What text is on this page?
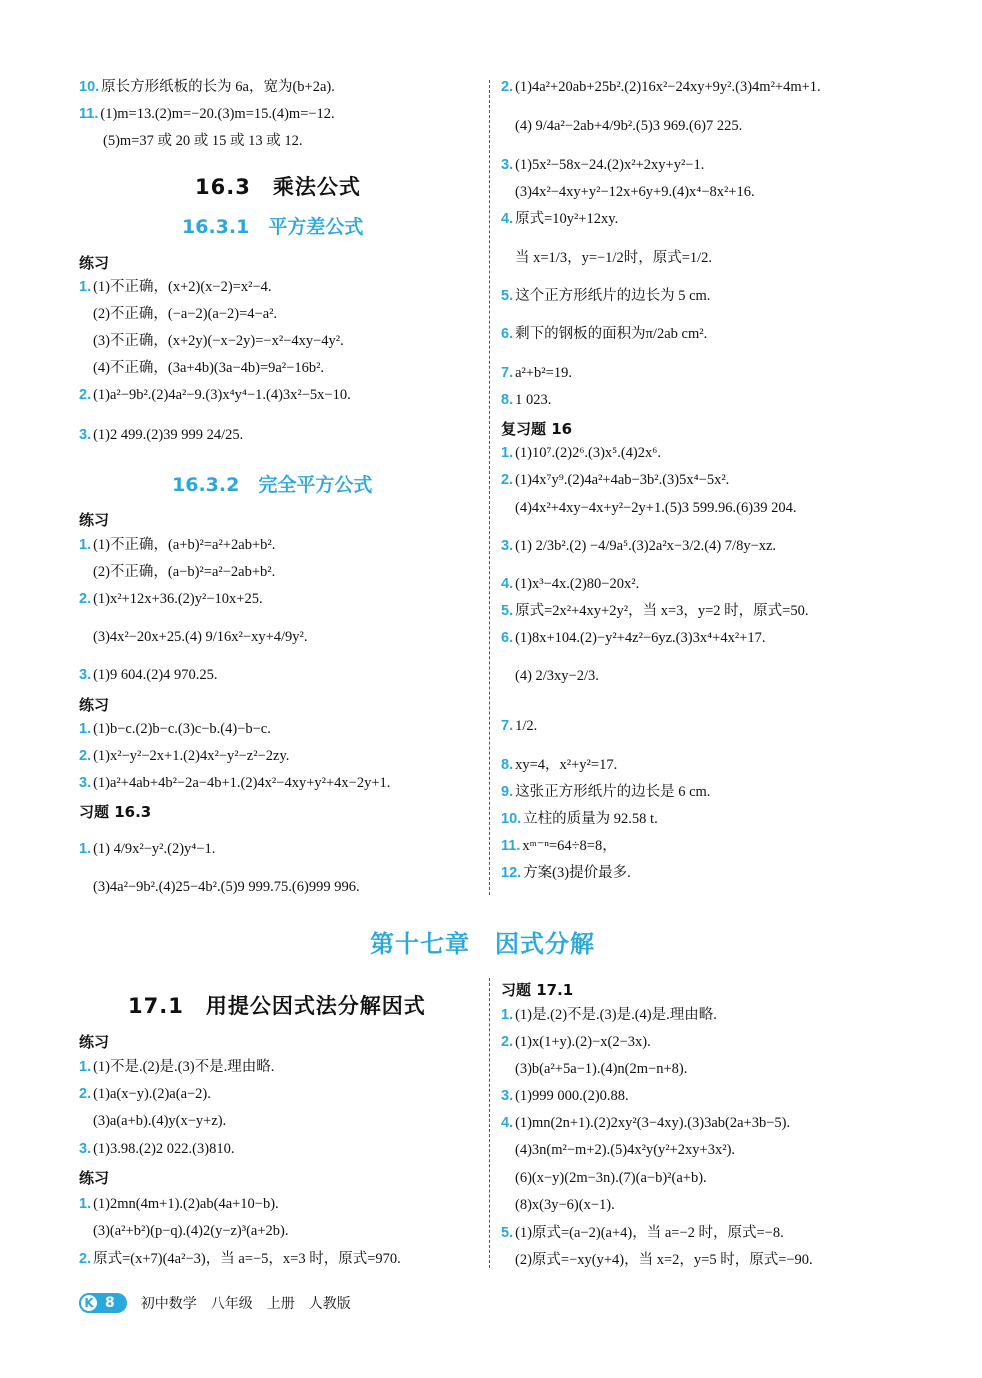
10. 原长方形纸板的长为 6a，宽为(b+2a).
11. (1)m=13.(2)m=−20.(3)m=15.(4)m=−12.
(5)m=37 或 20 或 15 或 13 或 12.
16.3　乘法公式
16.3.1　平方差公式
练习
1. (1)不正确，(x+2)(x−2)=x²−4.
(2)不正确，(−a−2)(a−2)=4−a².
(3)不正确，(x+2y)(−x−2y)=−x²−4xy−4y².
(4)不正确，(3a+4b)(3a−4b)=9a²−16b².
2. (1)a²−9b².(2)4a²−9.(3)x⁴y⁴−1.(4)3x²−5x−10.
3. (1)2 499.(2)39 999 24/25.
16.3.2　完全平方公式
练习
1. (1)不正确，(a+b)²=a²+2ab+b².
(2)不正确，(a−b)²=a²−2ab+b².
2. (1)x²+12x+36.(2)y²−10x+25.
(3)4x²−20x+25.(4) 9/16x²−xy+4/9y².
3. (1)9 604.(2)4 970.25.
练习
1. (1)b−c.(2)b−c.(3)c−b.(4)−b−c.
2. (1)x²−y²−2x+1.(2)4x²−y²−z²−2zy.
3. (1)a²+4ab+4b²−2a−4b+1.(2)4x²−4xy+y²+4x−2y+1.
习题 16.3
1. (1) 4/9x²−y².(2)y⁴−1.
(3)4a²−9b².(4)25−4b².(5)9 999.75.(6)999 996.
2. (1)4a²+20ab+25b².(2)16x²−24xy+9y².(3)4m²+4m+1.
(4) 9/4a²−2ab+4/9b².(5)3 969.(6)7 225.
3. (1)5x²−58x−24.(2)x²+2xy+y²−1.
(3)4x²−4xy+y²−12x+6y+9.(4)x⁴−8x²+16.
4. 原式=10y²+12xy.
当 x=1/3，y=−1/2时，原式=1/2.
5. 这个正方形纸片的边长为 5 cm.
6. 剩下的钢板的面积为π/2ab cm².
7. a²+b²=19.
8. 1 023.
复习题 16
1. (1)10⁷.(2)2⁶.(3)x⁵.(4)2x⁶.
2. (1)4x⁷y⁹.(2)4a²+4ab−3b².(3)5x⁴−5x².
(4)4x²+4xy−4x+y²−2y+1.(5)3 599.96.(6)39 204.
3. (1) 2/3b².(2) −4/9a⁵.(3)2a²x−3/2.(4) 7/8y−xz.
4. (1)x³−4x.(2)80−20x².
5. 原式=2x²+4xy+2y²，当 x=3，y=2 时，原式=50.
6. (1)8x+104.(2)−y²+4z²−6yz.(3)3x⁴+4x²+17.
(4) 2/3xy−2/3.
7. 1/2.
8. xy=4，x²+y²=17.
9. 这张正方形纸片的边长是 6 cm.
10. 立柱的质量为 92.58 t.
11. xᵐ⁻ⁿ=64÷8=8，
12. 方案(3)提价最多.
第十七章　因式分解
17.1　用提公因式法分解因式
练习
1. (1)不是.(2)是.(3)不是.理由略.
2. (1)a(x−y).(2)a(a−2).
(3)a(a+b).(4)y(x−y+z).
3. (1)3.98.(2)2 022.(3)810.
练习
1. (1)2mn(4m+1).(2)ab(4a+10−b).
(3)(a²+b²)(p−q).(4)2(y−z)³(a+2b).
2. 原式=(x+7)(4a²−3)，当 a=−5，x=3 时，原式=970.
习题 17.1
1. (1)是.(2)不是.(3)是.(4)是.理由略.
2. (1)x(1+y).(2)−x(2−3x).
(3)b(a²+5a−1).(4)n(2m−n+8).
3. (1)999 000.(2)0.88.
4. (1)mn(2n+1).(2)2xy²(3−4xy).(3)3ab(2a+3b−5).
(4)3n(m²−m+2).(5)4x²y(y²+2xy+3x²).
(6)(x−y)(2m−3n).(7)(a−b)²(a+b).
(8)x(3y−6)(x−1).
5. (1)原式=(a−2)(a+4)，当 a=−2 时，原式=−8.
(2)原式=−xy(y+4)，当 x=2，y=5 时，原式=−90.
K 8	初中数学　八年级　上册　人教版
